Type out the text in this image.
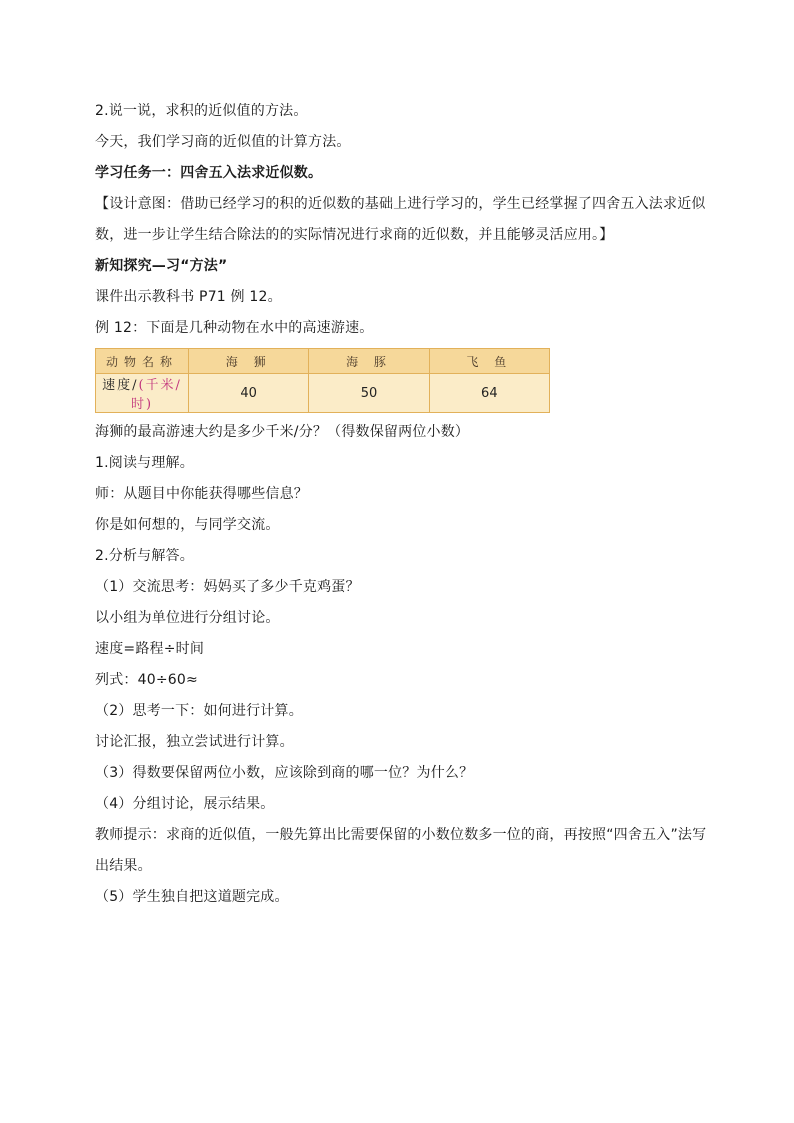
2.说一说，求积的近似值的方法。
今天，我们学习商的近似值的计算方法。
学习任务一：四舍五入法求近似数。
【设计意图：借助已经学习的积的近似数的基础上进行学习的，学生已经掌握了四舍五入法求近似数，进一步让学生结合除法的的实际情况进行求商的近似数，并且能够灵活应用。】
新知探究—习“方法”
课件出示教科书 P71 例 12。
例 12：下面是几种动物在水中的高速游速。
动物名称	海 狮	海 豚	飞 鱼
速度/(千米/时)	40	50	64
海狮的最高游速大约是多少千米/分？（得数保留两位小数）
1.阅读与理解。
师：从题目中你能获得哪些信息？
你是如何想的，与同学交流。
2.分析与解答。
（1）交流思考：妈妈买了多少千克鸡蛋？
以小组为单位进行分组讨论。
速度=路程÷时间
列式：40÷60≈
（2）思考一下：如何进行计算。
讨论汇报，独立尝试进行计算。
（3）得数要保留两位小数，应该除到商的哪一位？为什么？
（4）分组讨论，展示结果。
教师提示：求商的近似值，一般先算出比需要保留的小数位数多一位的商，再按照“四舍五入”法写出结果。
（5）学生独自把这道题完成。
